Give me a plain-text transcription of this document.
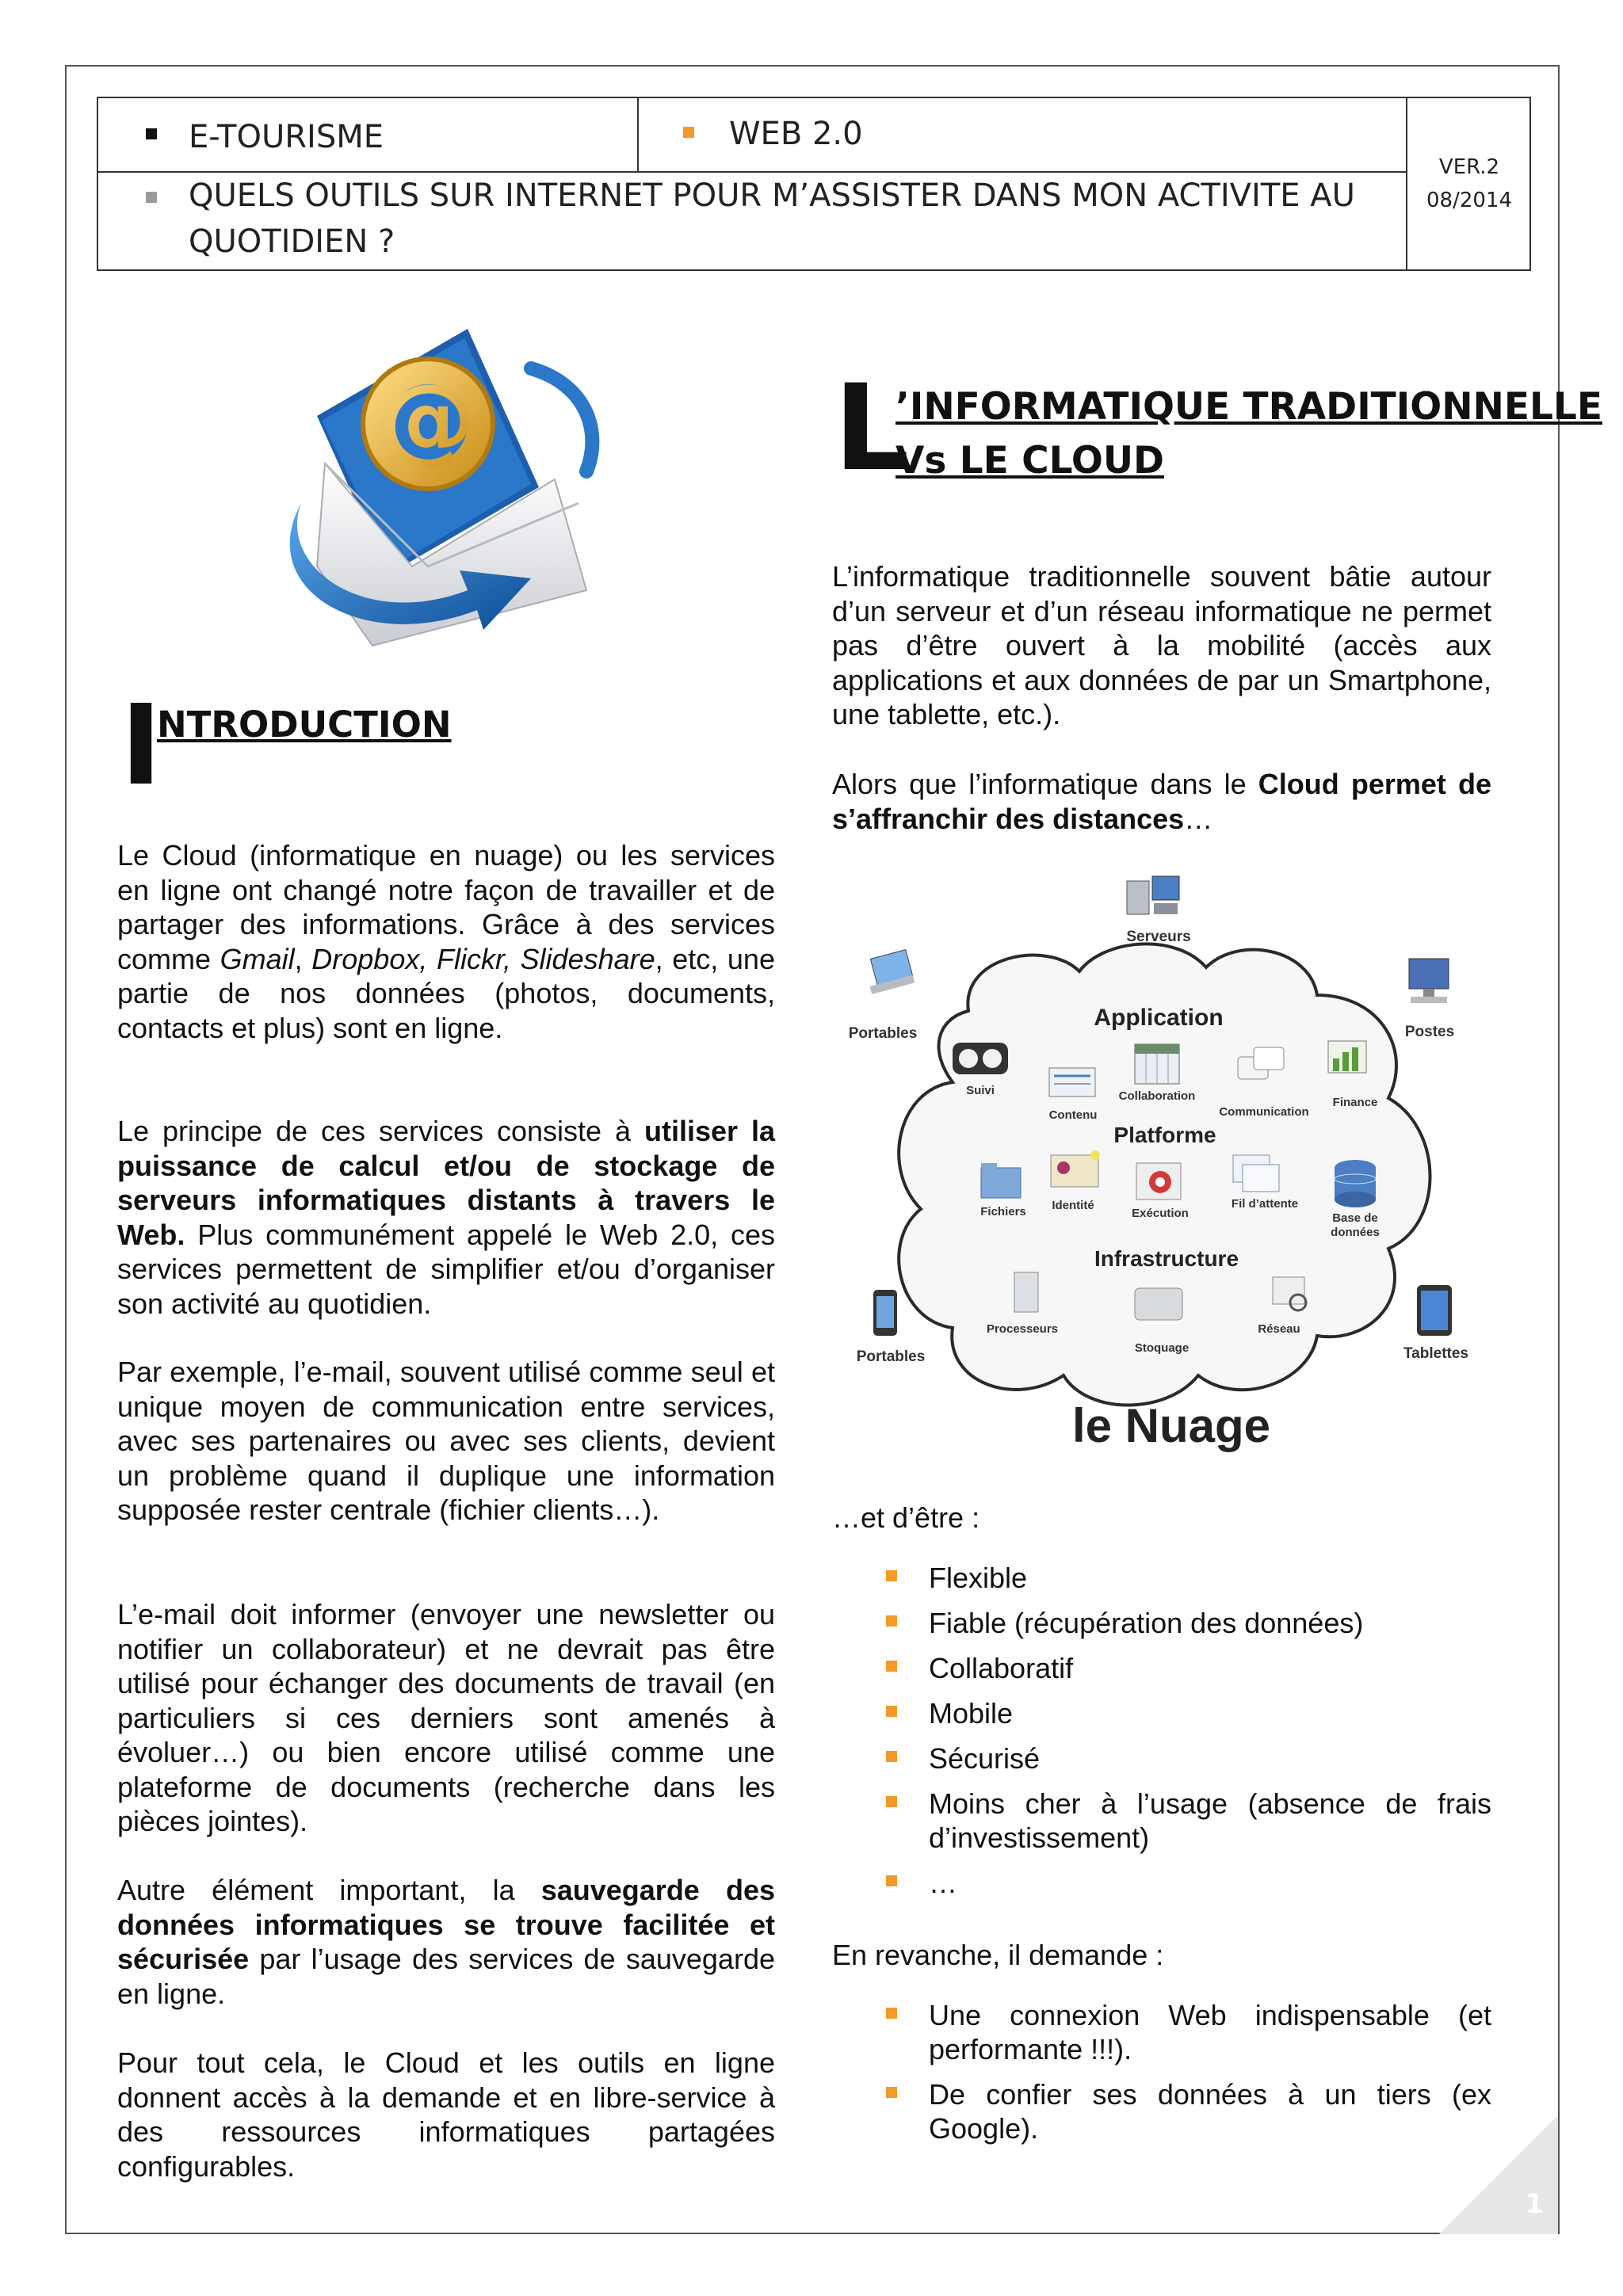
E-TOURISME	WEB 2.0
QUELS OUTILS SUR INTERNET POUR M’ASSISTER DANS MON ACTIVITE AU
QUOTIDIEN ?
VER.2
08/2014
@
I
NTRODUCTION

Le Cloud (informatique en nuage) ou les services en ligne ont changé notre façon de travailler et de partager des informations. Grâce à des services comme Gmail, Dropbox, Flickr, Slideshare, etc, une partie de nos données (photos, documents, contacts et plus) sont en ligne.

Le principe de ces services consiste à utiliser la puissance de calcul et/ou de stockage de serveurs informatiques distants à travers le Web. Plus communément appelé le Web 2.0, ces services permettent de simplifier et/ou d’organiser son activité au quotidien.

Par exemple, l’e-mail, souvent utilisé comme seul et unique moyen de communication entre services, avec ses partenaires ou avec ses clients, devient un problème quand il duplique une information supposée rester centrale (fichier clients…).

L’e-mail doit informer (envoyer une newsletter ou notifier un collaborateur) et ne devrait pas être utilisé pour échanger des documents de travail (en particuliers si ces derniers sont amenés à évoluer…) ou bien encore utilisé comme une plateforme de documents (recherche dans les pièces jointes).

Autre élément important, la sauvegarde des données informatiques se trouve facilitée et sécurisée par l’usage des services de sauvegarde en ligne.

Pour tout cela, le Cloud et les outils en ligne donnent accès à la demande et en libre-service à des ressources informatiques partagées configurables.

L
’INFORMATIQUE TRADITIONNELLE
Vs LE CLOUD

L’informatique traditionnelle souvent bâtie autour d’un serveur et d’un réseau informatique ne permet pas d’être ouvert à la mobilité (accès aux applications et aux données de par un Smartphone, une tablette, etc.).

Alors que l’informatique dans le Cloud permet de s’affranchir des distances…

Serveurs
Portables	Postes
Application
Suivi
Contenu
Collaboration
Communication
Finance
Platforme
Fichiers Identité
Exécution
Fil d’attente
Base de
données
Infrastructure
Processeurs
Stoquage
Réseau
Portables	Tablettes
le Nuage

…et d’être :

Flexible
Fiable (récupération des données)
Collaboratif
Mobile
Sécurisé
Moins cher à l’usage (absence de frais d’investissement)
…

En revanche, il demande :

Une connexion Web indispensable (et performante !!!).
De confier ses données à un tiers (ex Google).
1
